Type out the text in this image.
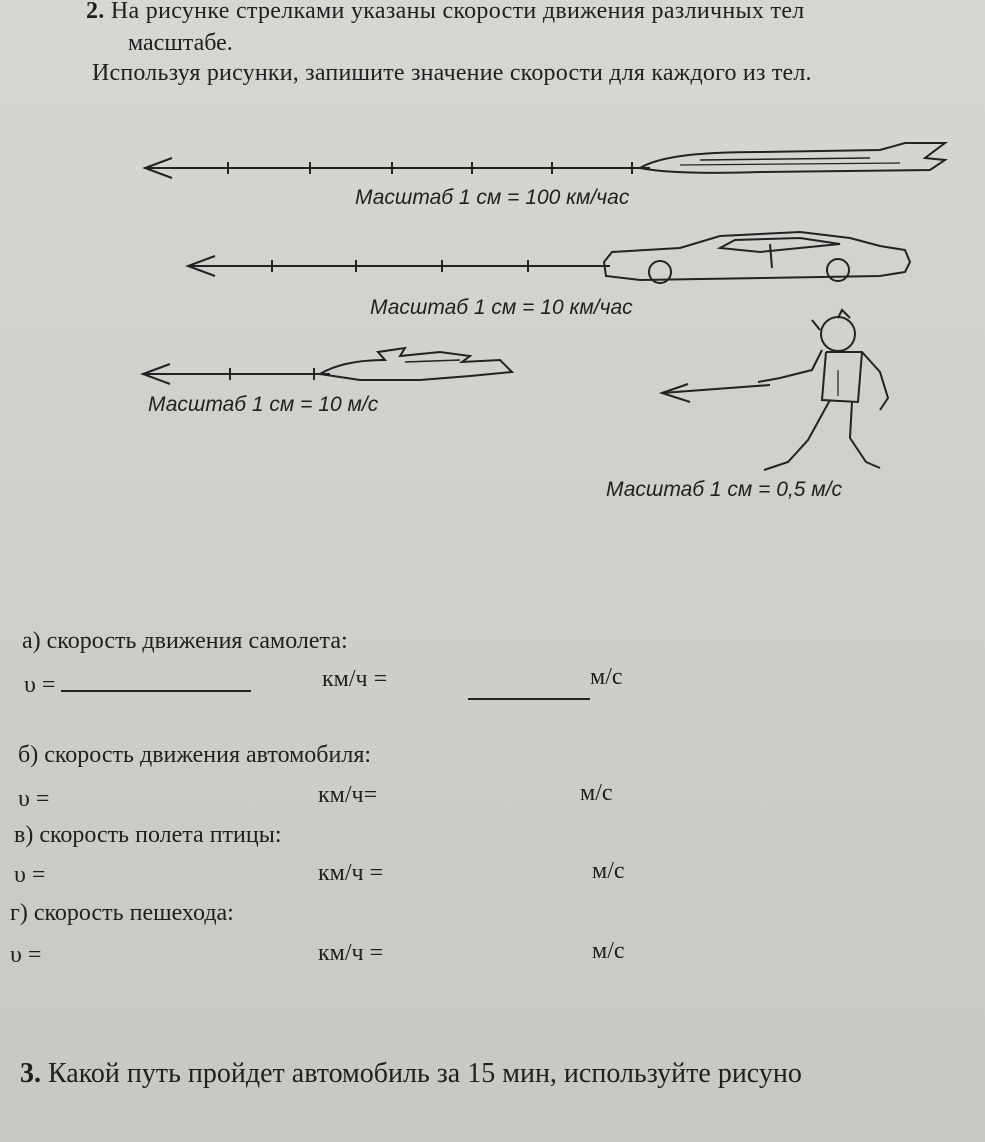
2. На рисунке стрелками указаны скорости движения различных тел
масштабе.
Используя рисунки, запишите значение скорости для каждого из тел.
Масштаб 1 см = 100 км/час
Масштаб 1 см = 10 км/час
Масштаб 1 см = 10 м/с
Масштаб 1 см = 0,5 м/с
а) скорость движения самолета:
υ =	км/ч =	м/с
б) скорость движения автомобиля:
υ =	км/ч=	м/с
в) скорость полета птицы:
υ =	км/ч =	м/с
г) скорость пешехода:
υ =	км/ч =	м/с
3. Какой путь пройдет автомобиль за 15 мин, используйте рисуно
